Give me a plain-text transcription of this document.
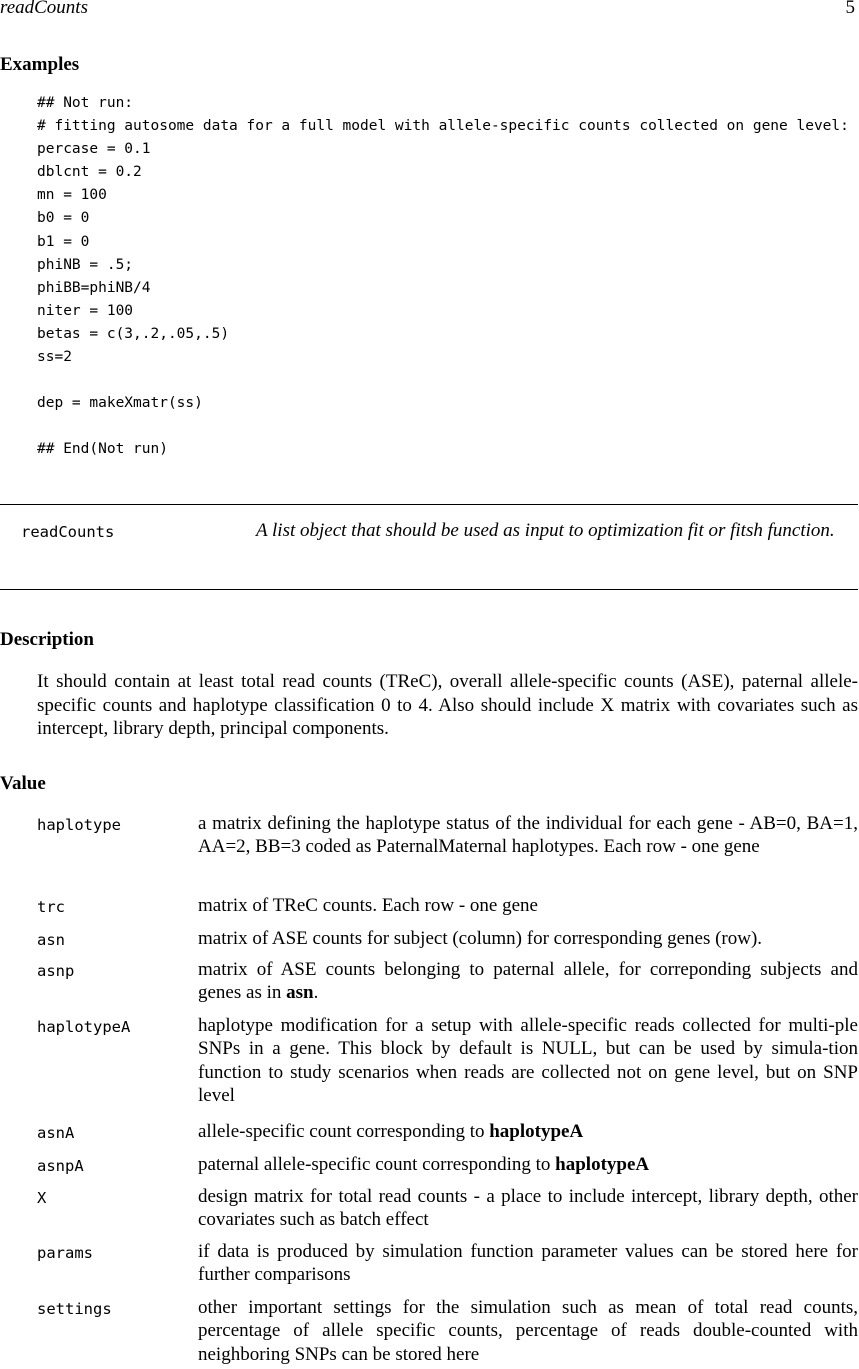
readCounts	5
Examples
## Not run:
# fitting autosome data for a full model with allele-specific counts collected on gene level:
percase = 0.1
dblcnt = 0.2
mn = 100
b0 = 0
b1 = 0
phiNB = .5;
phiBB=phiNB/4
niter = 100
betas = c(3,.2,.05,.5)
ss=2

dep = makeXmatr(ss)

## End(Not run)
readCounts	A list object that should be used as input to optimization fit or fitsh function.
Description
It should contain at least total read counts (TReC), overall allele-specific counts (ASE), paternal allele-specific counts and haplotype classification 0 to 4. Also should include X matrix with covariates such as intercept, library depth, principal components.
Value
haplotype	a matrix defining the haplotype status of the individual for each gene - AB=0, BA=1, AA=2, BB=3 coded as PaternalMaternal haplotypes. Each row - one gene
trc	matrix of TReC counts. Each row - one gene
asn	matrix of ASE counts for subject (column) for corresponding genes (row).
asnp	matrix of ASE counts belonging to paternal allele, for correponding subjects and genes as in asn.
haplotypeA	haplotype modification for a setup with allele-specific reads collected for multi-ple SNPs in a gene. This block by default is NULL, but can be used by simula-tion function to study scenarios when reads are collected not on gene level, but on SNP level
asnA	allele-specific count corresponding to haplotypeA
asnpA	paternal allele-specific count corresponding to haplotypeA
X	design matrix for total read counts - a place to include intercept, library depth, other covariates such as batch effect
params	if data is produced by simulation function parameter values can be stored here for further comparisons
settings	other important settings for the simulation such as mean of total read counts, percentage of allele specific counts, percentage of reads double-counted with neighboring SNPs can be stored here
